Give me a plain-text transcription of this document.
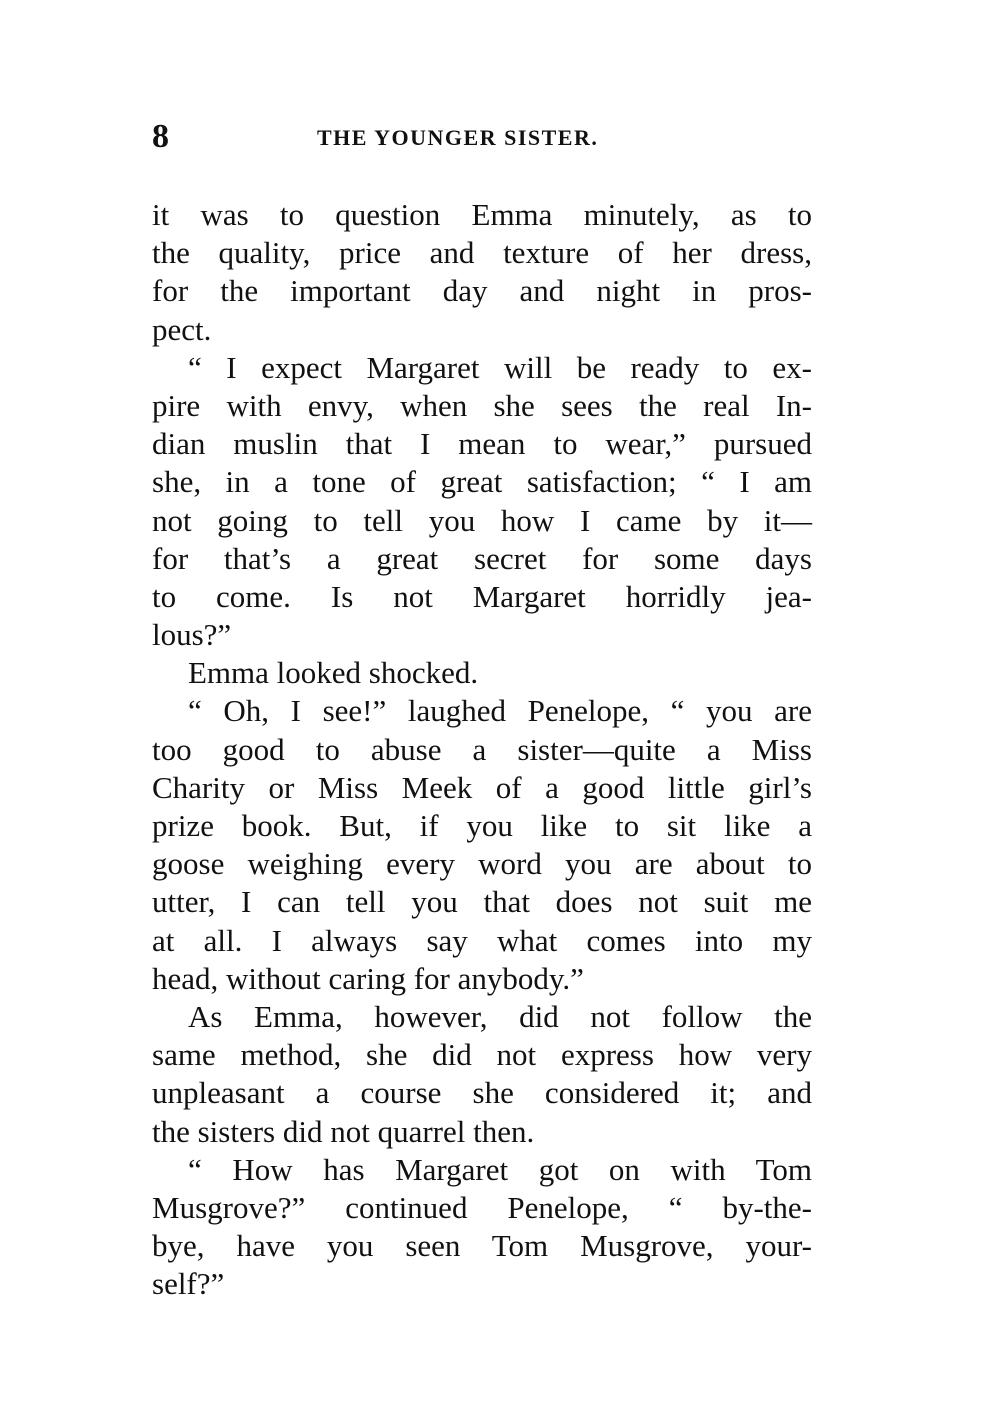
8	THE YOUNGER SISTER.
it was to question Emma minutely, as to
the quality, price and texture of her dress,
for the important day and night in pros-
pect.
“ I expect Margaret will be ready to ex-
pire with envy, when she sees the real In-
dian muslin that I mean to wear,” pursued
she, in a tone of great satisfaction; “ I am
not going to tell you how I came by it—
for that’s a great secret for some days
to come. Is not Margaret horridly jea-
lous?”
Emma looked shocked.
“ Oh, I see!” laughed Penelope, “ you are
too good to abuse a sister—quite a Miss
Charity or Miss Meek of a good little girl’s
prize book. But, if you like to sit like a
goose weighing every word you are about to
utter, I can tell you that does not suit me
at all. I always say what comes into my
head, without caring for anybody.”
As Emma, however, did not follow the
same method, she did not express how very
unpleasant a course she considered it; and
the sisters did not quarrel then.
“ How has Margaret got on with Tom
Musgrove?” continued Penelope, “ by-the-
bye, have you seen Tom Musgrove, your-
self?”
